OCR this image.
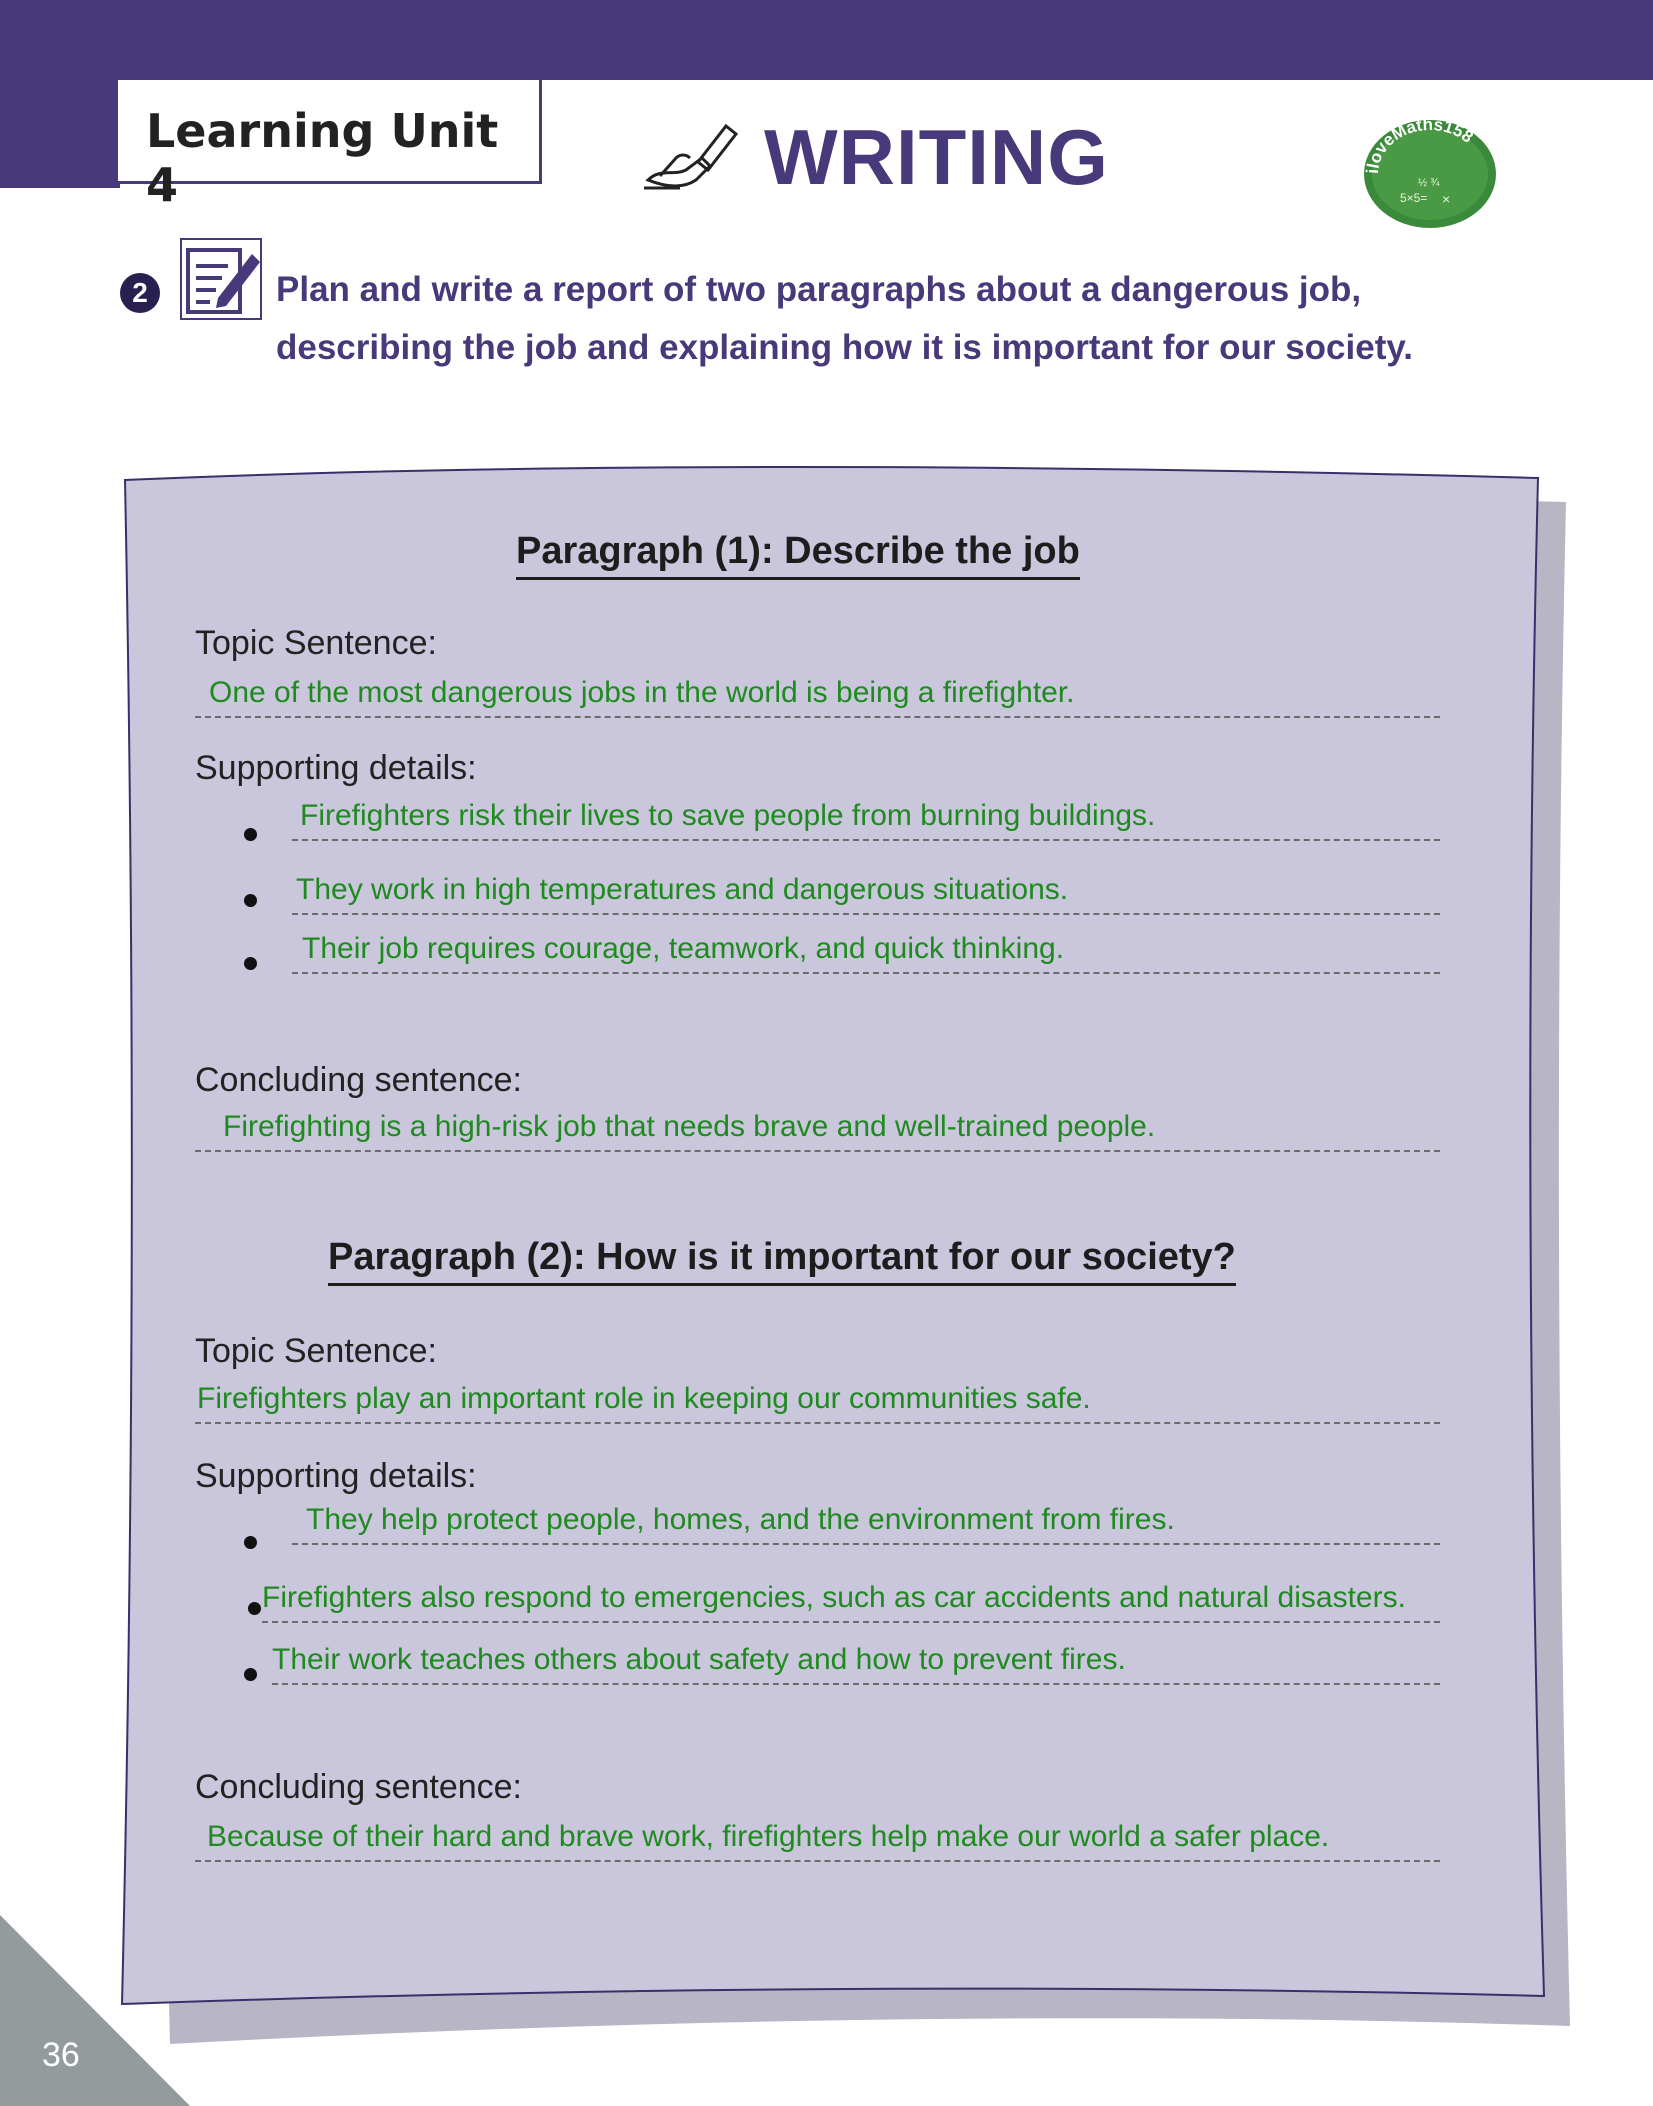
Learning Unit 4	WRITING	iloveMaths158
5×5= ×
½ ¾
2	Plan and write a report of two paragraphs about a dangerous job,
describing the job and explaining how it is important for our society.
Paragraph (1): Describe the job
Topic Sentence:
One of the most dangerous jobs in the world is being a firefighter.
Supporting details:
Firefighters risk their lives to save people from burning buildings.
They work in high temperatures and dangerous situations.
Their job requires courage, teamwork, and quick thinking.
Concluding sentence:
Firefighting is a high-risk job that needs brave and well-trained people.
Paragraph (2): How is it important for our society?
Topic Sentence:
Firefighters play an important role in keeping our communities safe.
Supporting details:
They help protect people, homes, and the environment from fires.
Firefighters also respond to emergencies, such as car accidents and natural disasters.
Their work teaches others about safety and how to prevent fires.
Concluding sentence:
Because of their hard and brave work, firefighters help make our world a safer place.
36
